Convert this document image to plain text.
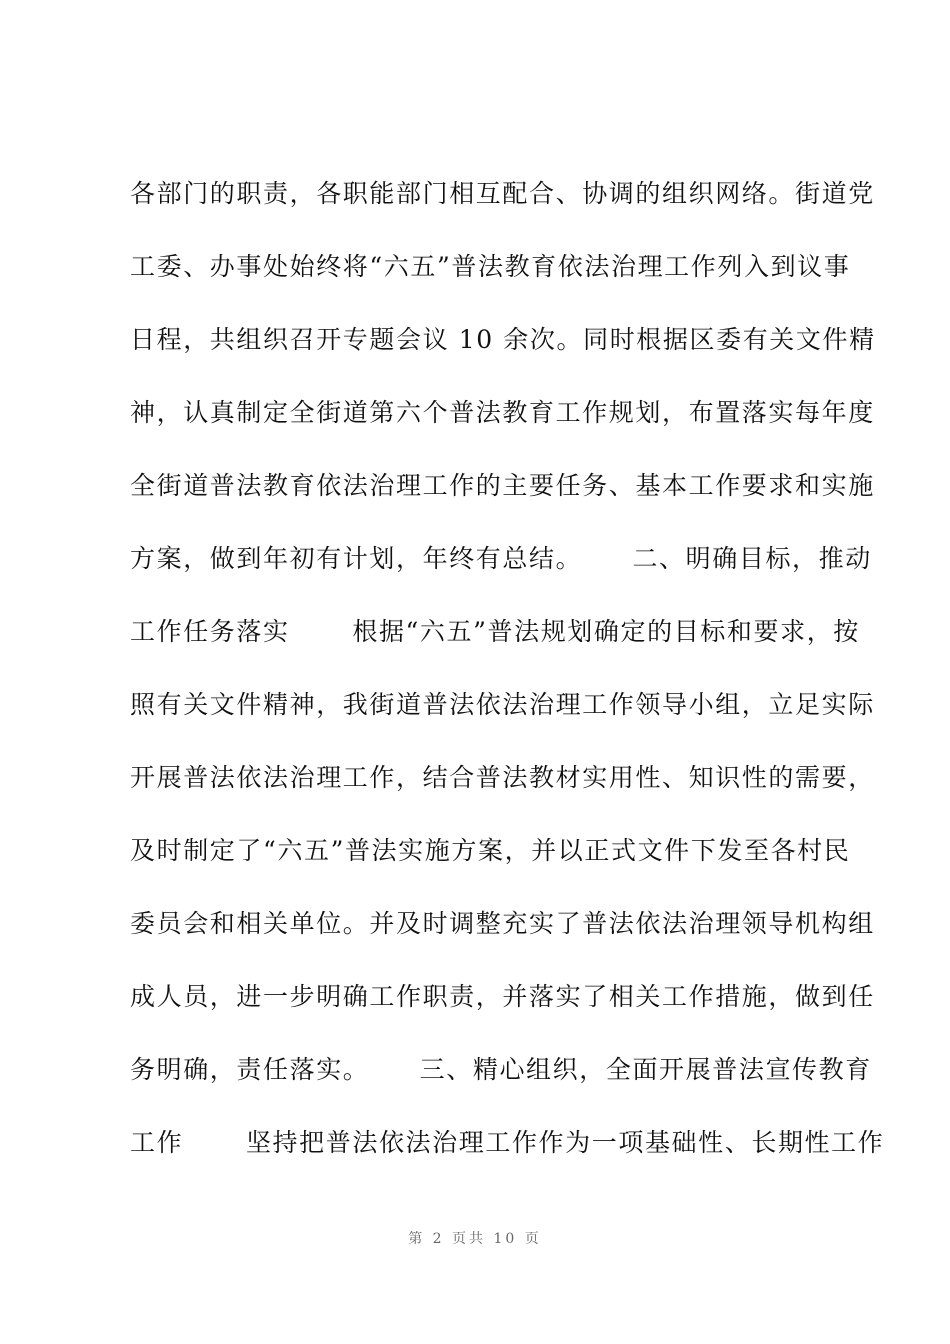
各部门的职责，各职能部门相互配合、协调的组织网络。街道党
工委、办事处始终将“六五”普法教育依法治理工作列入到议事
日程，共组织召开专题会议 10 余次。同时根据区委有关文件精
神，认真制定全街道第六个普法教育工作规划，布置落实每年度
全街道普法教育依法治理工作的主要任务、基本工作要求和实施
方案，做到年初有计划，年终有总结。　　 二、明确目标，推动
工作任务落实　　 根据“六五”普法规划确定的目标和要求，按
照有关文件精神，我街道普法依法治理工作领导小组，立足实际
开展普法依法治理工作，结合普法教材实用性、知识性的需要，
及时制定了“六五”普法实施方案，并以正式文件下发至各村民
委员会和相关单位。并及时调整充实了普法依法治理领导机构组
成人员，进一步明确工作职责，并落实了相关工作措施，做到任
务明确，责任落实。　　 三、精心组织，全面开展普法宣传教育
工作　　 坚持把普法依法治理工作作为一项基础性、长期性工作
第 2 页共 10 页
